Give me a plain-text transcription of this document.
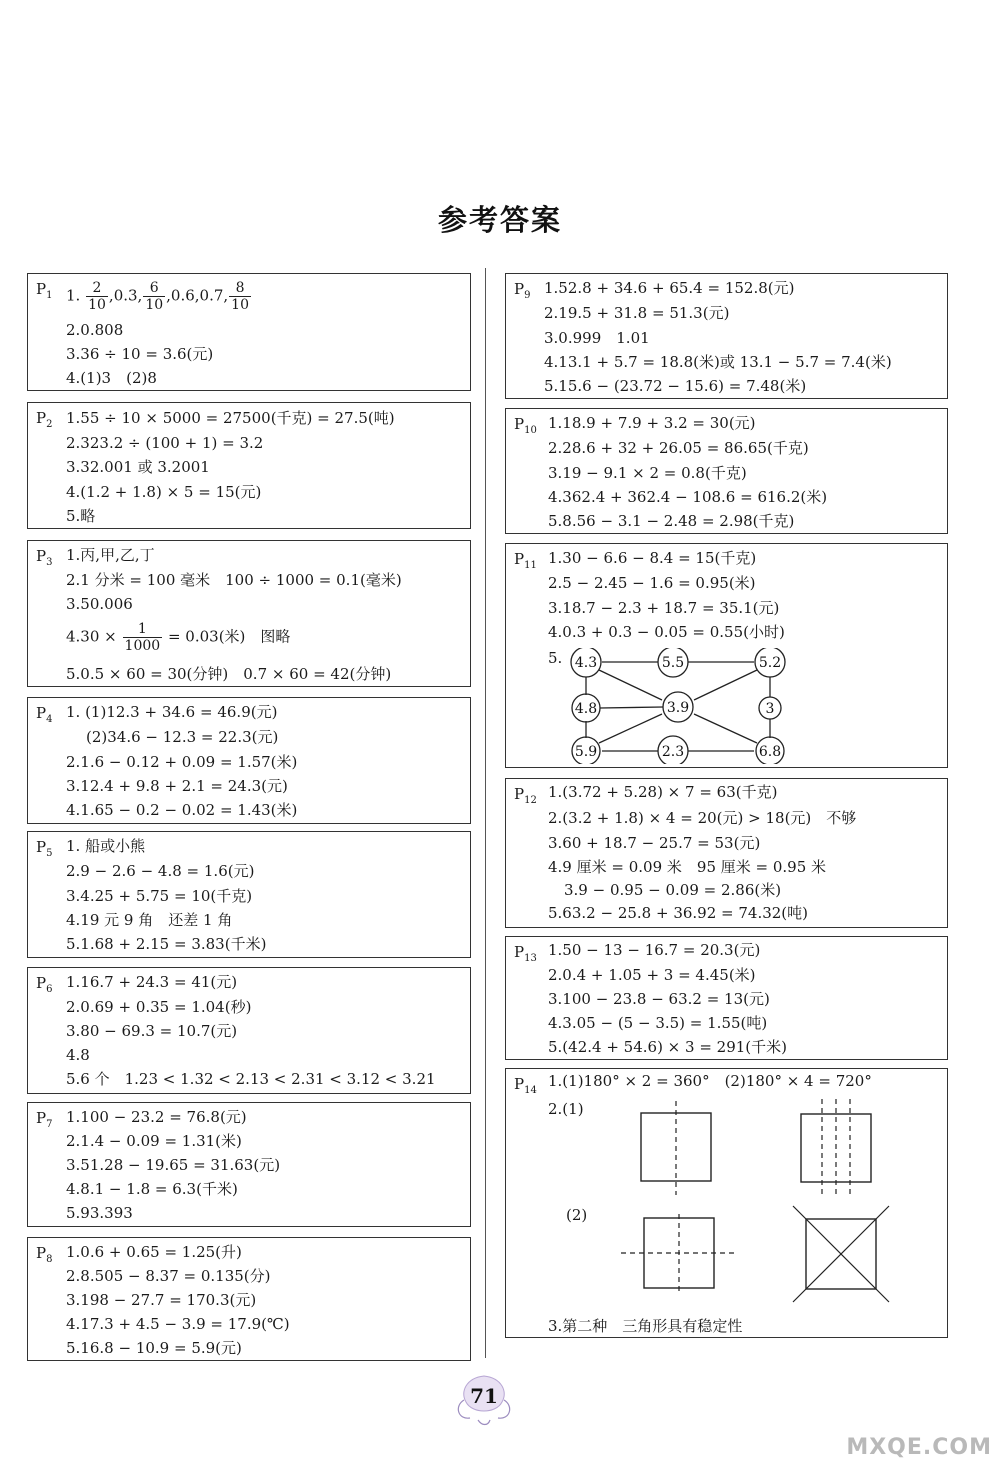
参考答案
$P_1$ 1. $\frac{2}{10} ,0.3$, $\frac{6}{10} ,0.6,0.7$, $\frac{8}{10}$
2.0.808
3.36 ÷ 10 = 3.6(元)
4.(1)3　(2)8
$P_2$ 1.55 ÷ 10 × 5000 = 27500(千克) = 27.5(吨)
2.323.2 ÷ (100 + 1) = 3.2
3.32.001 或 3.2001
4.(1.2 + 1.8) × 5 = 15(元)
5.略
$P_3$ 1.丙,甲,乙,丁
2.1 分米 = 100 毫米　100 ÷ 1000 = 0.1(毫米)
3.50.006
$4.30 \times \frac{1}{1000} = 0.03$(米)　图略
5.0.5 × 60 = 30(分钟)　0.7 × 60 = 42(分钟)
$P_4$ 1. (1)12.3 + 34.6 = 46.9(元)
(2)34.6 − 12.3 = 22.3(元)
2.1.6 − 0.12 + 0.09 = 1.57(米)
3.12.4 + 9.8 + 2.1 = 24.3(元)
4.1.65 − 0.2 − 0.02 = 1.43(米)
$P_5$ 1. 船或小熊
2.9 − 2.6 − 4.8 = 1.6(元)
3.4.25 + 5.75 = 10(千克)
4.19 元 9 角　还差 1 角
5.1.68 + 2.15 = 3.83(千米)
$P_6$ 1.16.7 + 24.3 = 41(元)
2.0.69 + 0.35 = 1.04(秒)
3.80 − 69.3 = 10.7(元)
4.8
5.6 个　1.23 < 1.32 < 2.13 < 2.31 < 3.12 < 3.21
$P_7$ 1.100 − 23.2 = 76.8(元)
2.1.4 − 0.09 = 1.31(米)
3.51.28 − 19.65 = 31.63(元)
4.8.1 − 1.8 = 6.3(千米)
5.93.393
$P_8$ 1.0.6 + 0.65 = 1.25(升)
2.8.505 − 8.37 = 0.135(分)
3.198 − 27.7 = 170.3(元)
4.17.3 + 4.5 − 3.9 = 17.9(℃)
5.16.8 − 10.9 = 5.9(元)
$P_9$ 1.52.8 + 34.6 + 65.4 = 152.8(元)
2.19.5 + 31.8 = 51.3(元)
3.0.999　1.01
4.13.1 + 5.7 = 18.8(米)或 13.1 − 5.7 = 7.4(米)
5.15.6 − (23.72 − 15.6) = 7.48(米)
$P_{10}$ 1.18.9 + 7.9 + 3.2 = 30(元)
2.28.6 + 32 + 26.05 = 86.65(千克)
3.19 − 9.1 × 2 = 0.8(千克)
4.362.4 + 362.4 − 108.6 = 616.2(米)
5.8.56 − 3.1 − 2.48 = 2.98(千克)
$P_{11}$ 1.30 − 6.6 − 8.4 = 15(千克)
2.5 − 2.45 − 1.6 = 0.95(米)
3.18.7 − 2.3 + 18.7 = 35.1(元)
4.0.3 + 0.3 − 0.05 = 0.55(小时)
5. 4.3	5.5	5.2
4.8	3.9	3
5.9	2.3	6.8
$P_{12}$ 1.(3.72 + 5.28) × 7 = 63(千克)
2.(3.2 + 1.8) × 4 = 20(元) > 18(元)　不够
3.60 + 18.7 − 25.7 = 53(元)
4.9 厘米 = 0.09 米　95 厘米 = 0.95 米
3.9 − 0.95 − 0.09 = 2.86(米)
5.63.2 − 25.8 + 36.92 = 74.32(吨)
$P_{13}$ 1.50 − 13 − 16.7 = 20.3(元)
2.0.4 + 1.05 + 3 = 4.45(米)
3.100 − 23.8 − 63.2 = 13(元)
4.3.05 − (5 − 3.5) = 1.55(吨)
5.(42.4 + 54.6) × 3 = 291(千米)
$P_{14}$
1.(1)180° × 2 = 360°　(2)180° × 4 = 720°
2.(1)
(2)
3.第二种　三角形具有稳定性
71
MXQE.COM
